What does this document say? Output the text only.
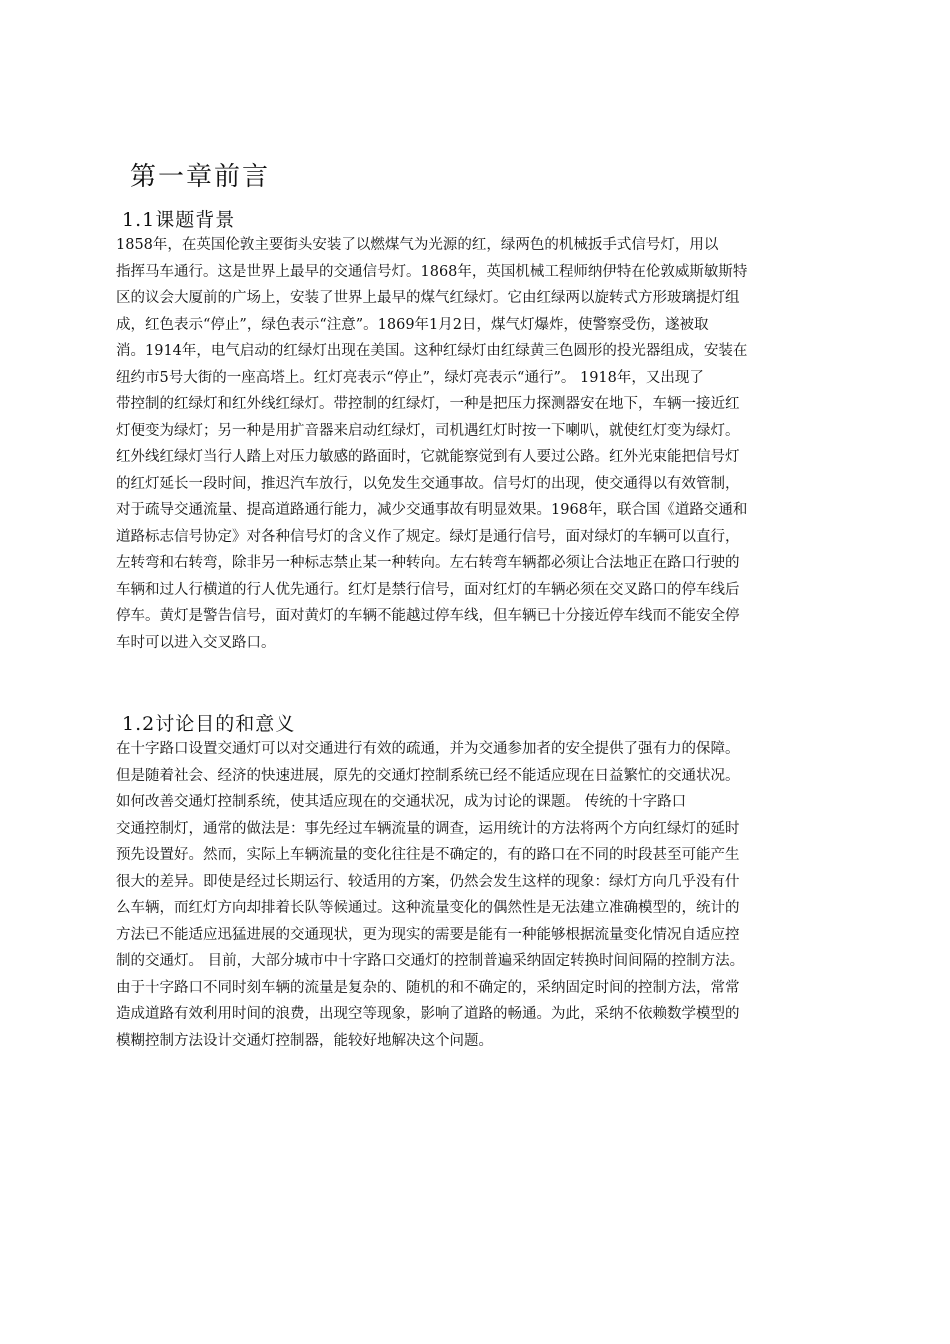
第一章前言
1.1课题背景
1858年，在英国伦敦主要街头安装了以燃煤气为光源的红，绿两色的机械扳手式信号灯，用以
指挥马车通行。这是世界上最早的交通信号灯。1868年，英国机械工程师纳伊特在伦敦威斯敏斯特
区的议会大厦前的广场上，安装了世界上最早的煤气红绿灯。它由红绿两以旋转式方形玻璃提灯组
成，红色表示“停止”，绿色表示“注意”。1869年1月2日，煤气灯爆炸，使警察受伤，遂被取
消。1914年，电气启动的红绿灯出现在美国。这种红绿灯由红绿黄三色圆形的投光器组成，安装在
纽约市5号大街的一座高塔上。红灯亮表示“停止”，绿灯亮表示“通行”。 1918年，又出现了
带控制的红绿灯和红外线红绿灯。带控制的红绿灯，一种是把压力探测器安在地下，车辆一接近红
灯便变为绿灯；另一种是用扩音器来启动红绿灯，司机遇红灯时按一下喇叭，就使红灯变为绿灯。
红外线红绿灯当行人踏上对压力敏感的路面时，它就能察觉到有人要过公路。红外光束能把信号灯
的红灯延长一段时间，推迟汽车放行，以免发生交通事故。信号灯的出现，使交通得以有效管制，
对于疏导交通流量、提高道路通行能力，减少交通事故有明显效果。1968年，联合国《道路交通和
道路标志信号协定》对各种信号灯的含义作了规定。绿灯是通行信号，面对绿灯的车辆可以直行，
左转弯和右转弯，除非另一种标志禁止某一种转向。左右转弯车辆都必须让合法地正在路口行驶的
车辆和过人行横道的行人优先通行。红灯是禁行信号，面对红灯的车辆必须在交叉路口的停车线后
停车。黄灯是警告信号，面对黄灯的车辆不能越过停车线，但车辆已十分接近停车线而不能安全停
车时可以进入交叉路口。
1.2讨论目的和意义
在十字路口设置交通灯可以对交通进行有效的疏通，并为交通参加者的安全提供了强有力的保障。
但是随着社会、经济的快速进展，原先的交通灯控制系统已经不能适应现在日益繁忙的交通状况。
如何改善交通灯控制系统，使其适应现在的交通状况，成为讨论的课题。 传统的十字路口
交通控制灯，通常的做法是：事先经过车辆流量的调查，运用统计的方法将两个方向红绿灯的延时
预先设置好。然而，实际上车辆流量的变化往往是不确定的，有的路口在不同的时段甚至可能产生
很大的差异。即使是经过长期运行、较适用的方案，仍然会发生这样的现象：绿灯方向几乎没有什
么车辆，而红灯方向却排着长队等候通过。这种流量变化的偶然性是无法建立准确模型的，统计的
方法已不能适应迅猛进展的交通现状，更为现实的需要是能有一种能够根据流量变化情况自适应控
制的交通灯。 目前，大部分城市中十字路口交通灯的控制普遍采纳固定转换时间间隔的控制方法。
由于十字路口不同时刻车辆的流量是复杂的、随机的和不确定的，采纳固定时间的控制方法，常常
造成道路有效利用时间的浪费，出现空等现象，影响了道路的畅通。为此，采纳不依赖数学模型的
模糊控制方法设计交通灯控制器，能较好地解决这个问题。
